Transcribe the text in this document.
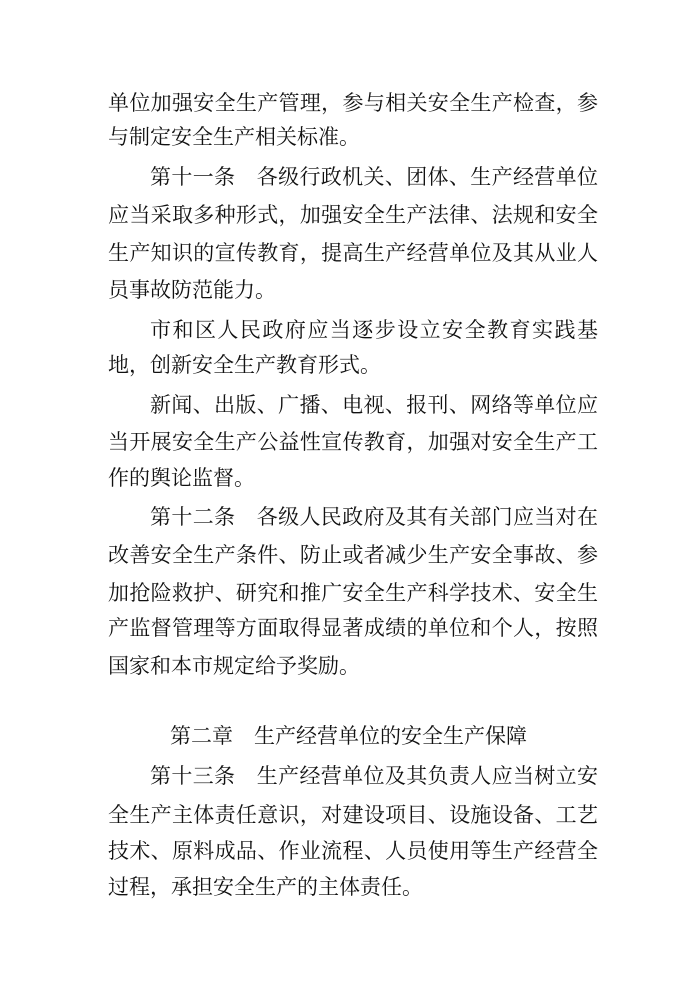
单位加强安全生产管理，参与相关安全生产检查，参
与制定安全生产相关标准。
第十一条　各级行政机关、团体、生产经营单位
应当采取多种形式，加强安全生产法律、法规和安全
生产知识的宣传教育，提高生产经营单位及其从业人
员事故防范能力。
市和区人民政府应当逐步设立安全教育实践基
地，创新安全生产教育形式。
新闻、出版、广播、电视、报刊、网络等单位应
当开展安全生产公益性宣传教育，加强对安全生产工
作的舆论监督。
第十二条　各级人民政府及其有关部门应当对在
改善安全生产条件、防止或者减少生产安全事故、参
加抢险救护、研究和推广安全生产科学技术、安全生
产监督管理等方面取得显著成绩的单位和个人，按照
国家和本市规定给予奖励。
第二章　生产经营单位的安全生产保障
第十三条　生产经营单位及其负责人应当树立安
全生产主体责任意识，对建设项目、设施设备、工艺
技术、原料成品、作业流程、人员使用等生产经营全
过程，承担安全生产的主体责任。
